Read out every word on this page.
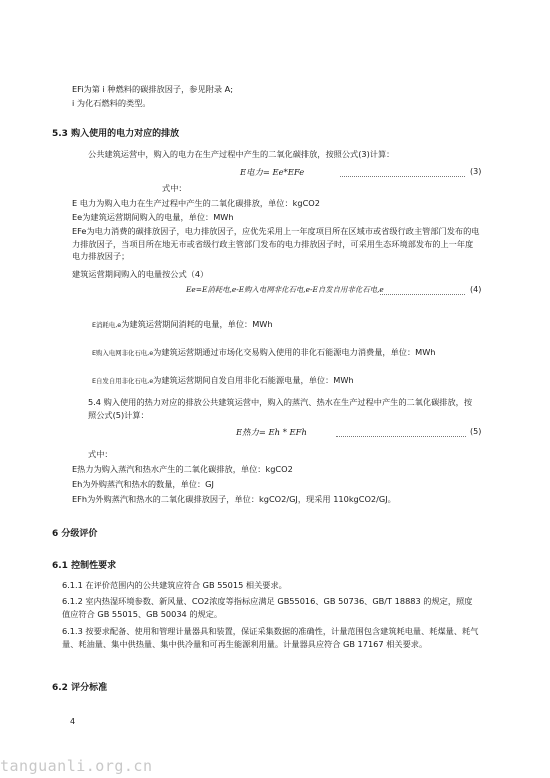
EFi为第 i 种燃料的碳排放因子，参见附录 A;
i 为化石燃料的类型。
5.3 购入使用的电力对应的排放
公共建筑运营中，购入的电力在生产过程中产生的二氧化碳排放，按照公式(3)计算：
E电力= Ee*EFe	(3)
式中：
E 电力为购入电力在生产过程中产生的二氧化碳排放，单位：kgCO2
Ee为建筑运营期间购入的电量，单位：MWh
EFe为电力消费的碳排放因子，电力排放因子，应优先采用上一年度项目所在区域市或省级行政主管部门发布的电力排放因子，当项目所在地无市或省级行政主管部门发布的电力排放因子时，可采用生态环境部发布的上一年度电力排放因子；
建筑运营期间购入的电量按公式（4）
Ee=E消耗电,e-E购入电网非化石电,e-E自发自用非化石电,e	(4)
E消耗电,e为建筑运营期间消耗的电量，单位：MWh
E购入电网非化石电,e为建筑运营期通过市场化交易购入使用的非化石能源电力消费量，单位：MWh
E自发自用非化石电,e为建筑运营期间自发自用非化石能源电量，单位：MWh
5.4 购入使用的热力对应的排放公共建筑运营中，购入的蒸汽、热水在生产过程中产生的二氧化碳排放，按照公式(5)计算：
E热力= Eh * EFh	(5)
式中：
E热力为购入蒸汽和热水产生的二氧化碳排放，单位：kgCO2
Eh为外购蒸汽和热水的数量，单位：GJ
EFh为外购蒸汽和热水的二氧化碳排放因子，单位：kgCO2/GJ，现采用 110kgCO2/GJ。
6 分级评价
6.1 控制性要求
6.1.1 在评价范围内的公共建筑应符合 GB 55015 相关要求。
6.1.2 室内热湿环境参数、新风量、CO2浓度等指标应满足 GB55016、GB 50736、GB/T 18883 的规定，照度值应符合 GB 55015、GB 50034 的规定。
6.1.3 按要求配备、使用和管理计量器具和装置，保证采集数据的准确性，计量范围包含建筑耗电量、耗煤量、耗气量、耗油量、集中供热量、集中供冷量和可再生能源利用量。计量器具应符合 GB 17167 相关要求。
6.2 评分标准
4
tanguanli.org.cn
